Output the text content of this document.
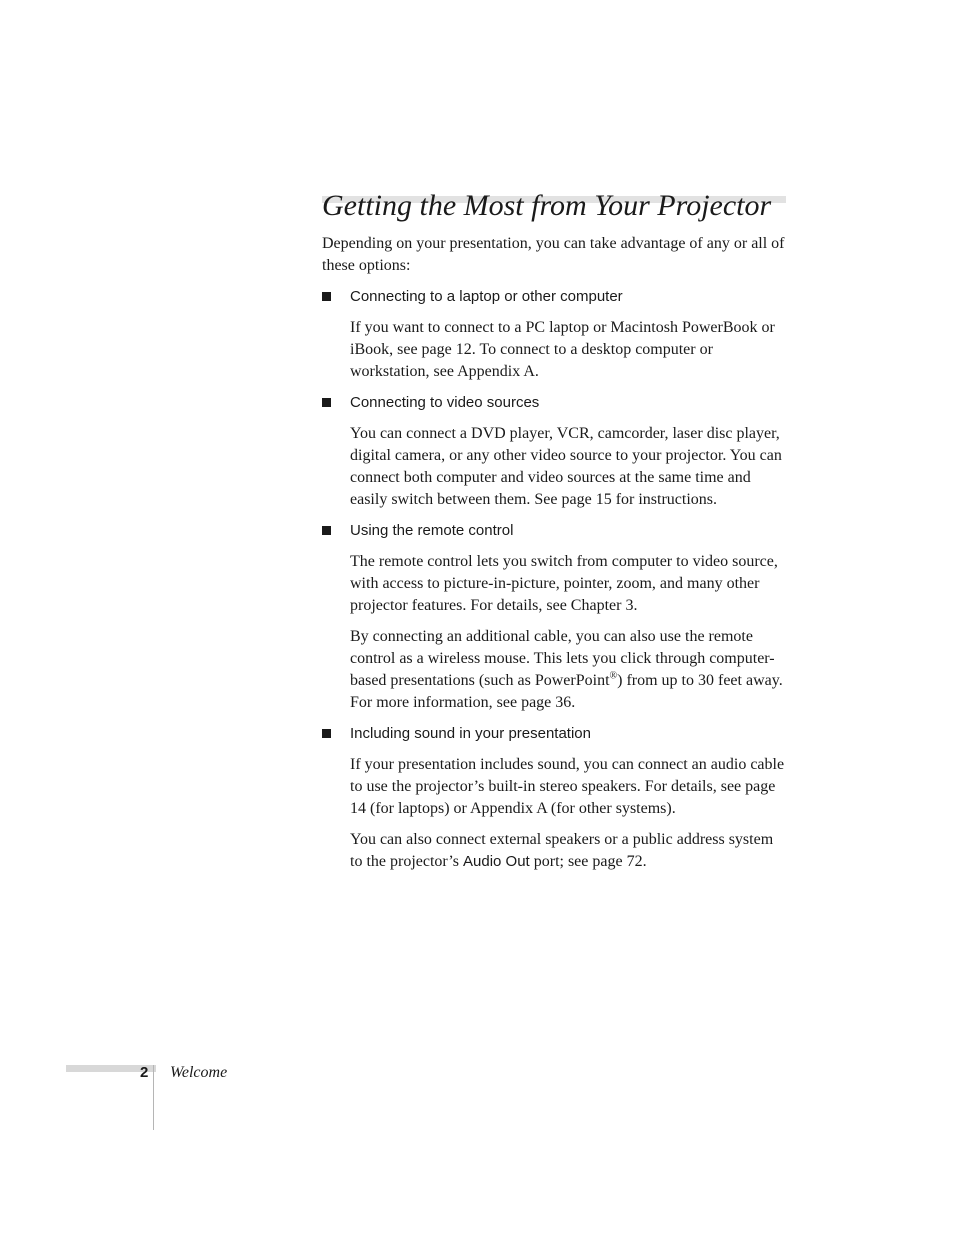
Getting the Most from Your Projector

Depending on your presentation, you can take advantage of any or all of these options:

Connecting to a laptop or other computer

If you want to connect to a PC laptop or Macintosh PowerBook or iBook, see page 12. To connect to a desktop computer or workstation, see Appendix A.

Connecting to video sources

You can connect a DVD player, VCR, camcorder, laser disc player, digital camera, or any other video source to your projector. You can connect both computer and video sources at the same time and easily switch between them. See page 15 for instructions.

Using the remote control

The remote control lets you switch from computer to video source, with access to picture-in-picture, pointer, zoom, and many other projector features. For details, see Chapter 3.

By connecting an additional cable, you can also use the remote control as a wireless mouse. This lets you click through computer-based presentations (such as PowerPoint®) from up to 30 feet away. For more information, see page 36.

Including sound in your presentation

If your presentation includes sound, you can connect an audio cable to use the projector’s built-in stereo speakers. For details, see page 14 (for laptops) or Appendix A (for other systems).

You can also connect external speakers or a public address system to the projector’s Audio Out port; see page 72.

2 Welcome
